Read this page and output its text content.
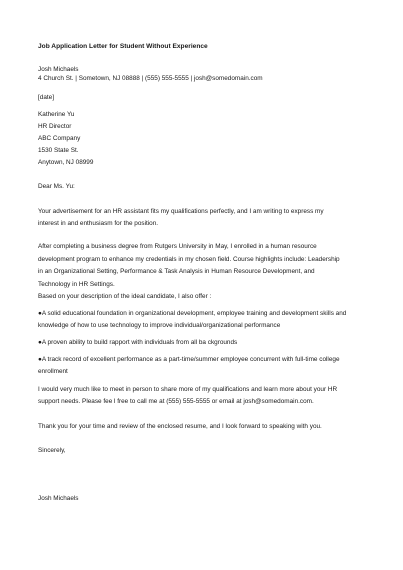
Job Application Letter for Student Without Experience
Josh Michaels
4 Church St. | Sometown, NJ 08888 | (555) 555-5555 | josh@somedomain.com
[date]
Katherine Yu
HR Director
ABC Company
1530 State St.
Anytown, NJ 08999
Dear Ms. Yu:
Your advertisement for an HR assistant fits my qualifications perfectly, and I am writing to express my
interest in and enthusiasm for the position.
After completing a business degree from Rutgers University in May, I enrolled in a human resource
development program to enhance my credentials in my chosen field. Course highlights include: Leadership
in an Organizational Setting, Performance & Task Analysis in Human Resource Development, and
Technology in HR Settings.
Based on your description of the ideal candidate, I also offer :
●A solid educational foundation in organizational development, employee training and development skills and
knowledge of how to use technology to improve individual/organizational performance
●A proven ability to build rapport with individuals from all ba ckgrounds
●A track record of excellent performance as a part-time/summer employee concurrent with full-time college
enrollment
I would very much like to meet in person to share more of my qualifications and learn more about your HR
support needs. Please fee l free to call me at (555) 555-5555 or email at josh@somedomain.com.
Thank you for your time and review of the enclosed resume, and I look forward to speaking with you.
Sincerely,
Josh Michaels
